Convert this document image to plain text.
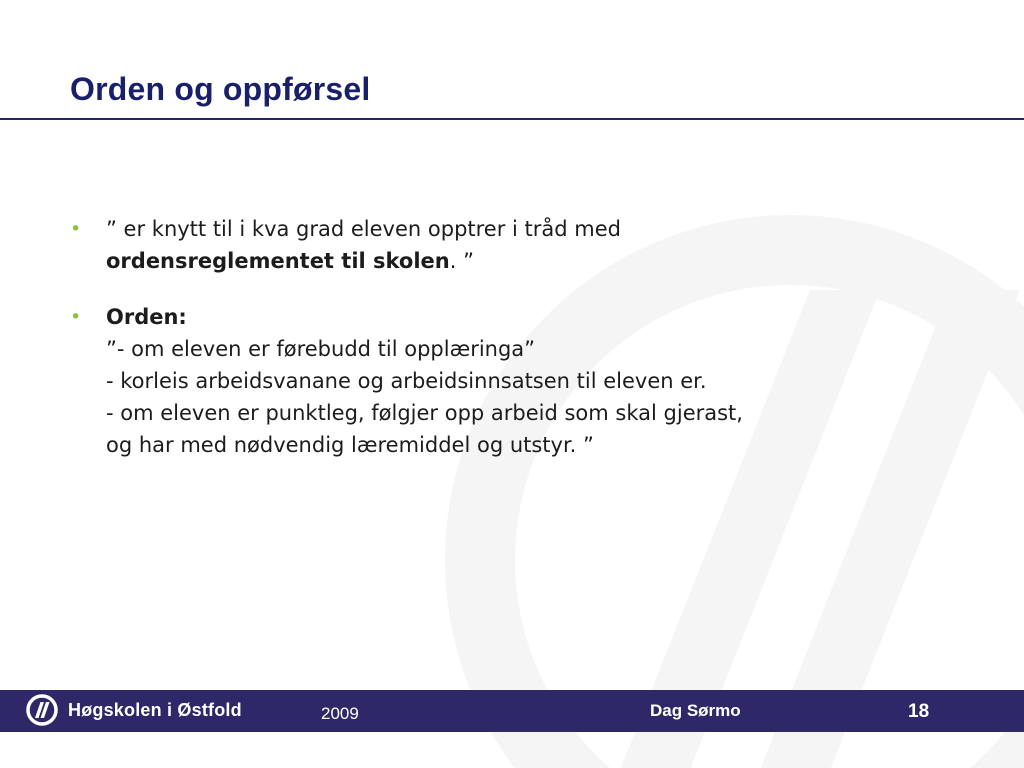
Orden og oppførsel
• ” er knytt til i kva grad eleven opptrer i tråd med
ordensreglementet til skolen. ”
• Orden:
”- om eleven er førebudd til opplæringa”
- korleis arbeidsvanane og arbeidsinnsatsen til eleven er.
- om eleven er punktleg, følgjer opp arbeid som skal gjerast,
og har med nødvendig læremiddel og utstyr. ”
Høgskolen i Østfold	2009	Dag Sørmo	18
